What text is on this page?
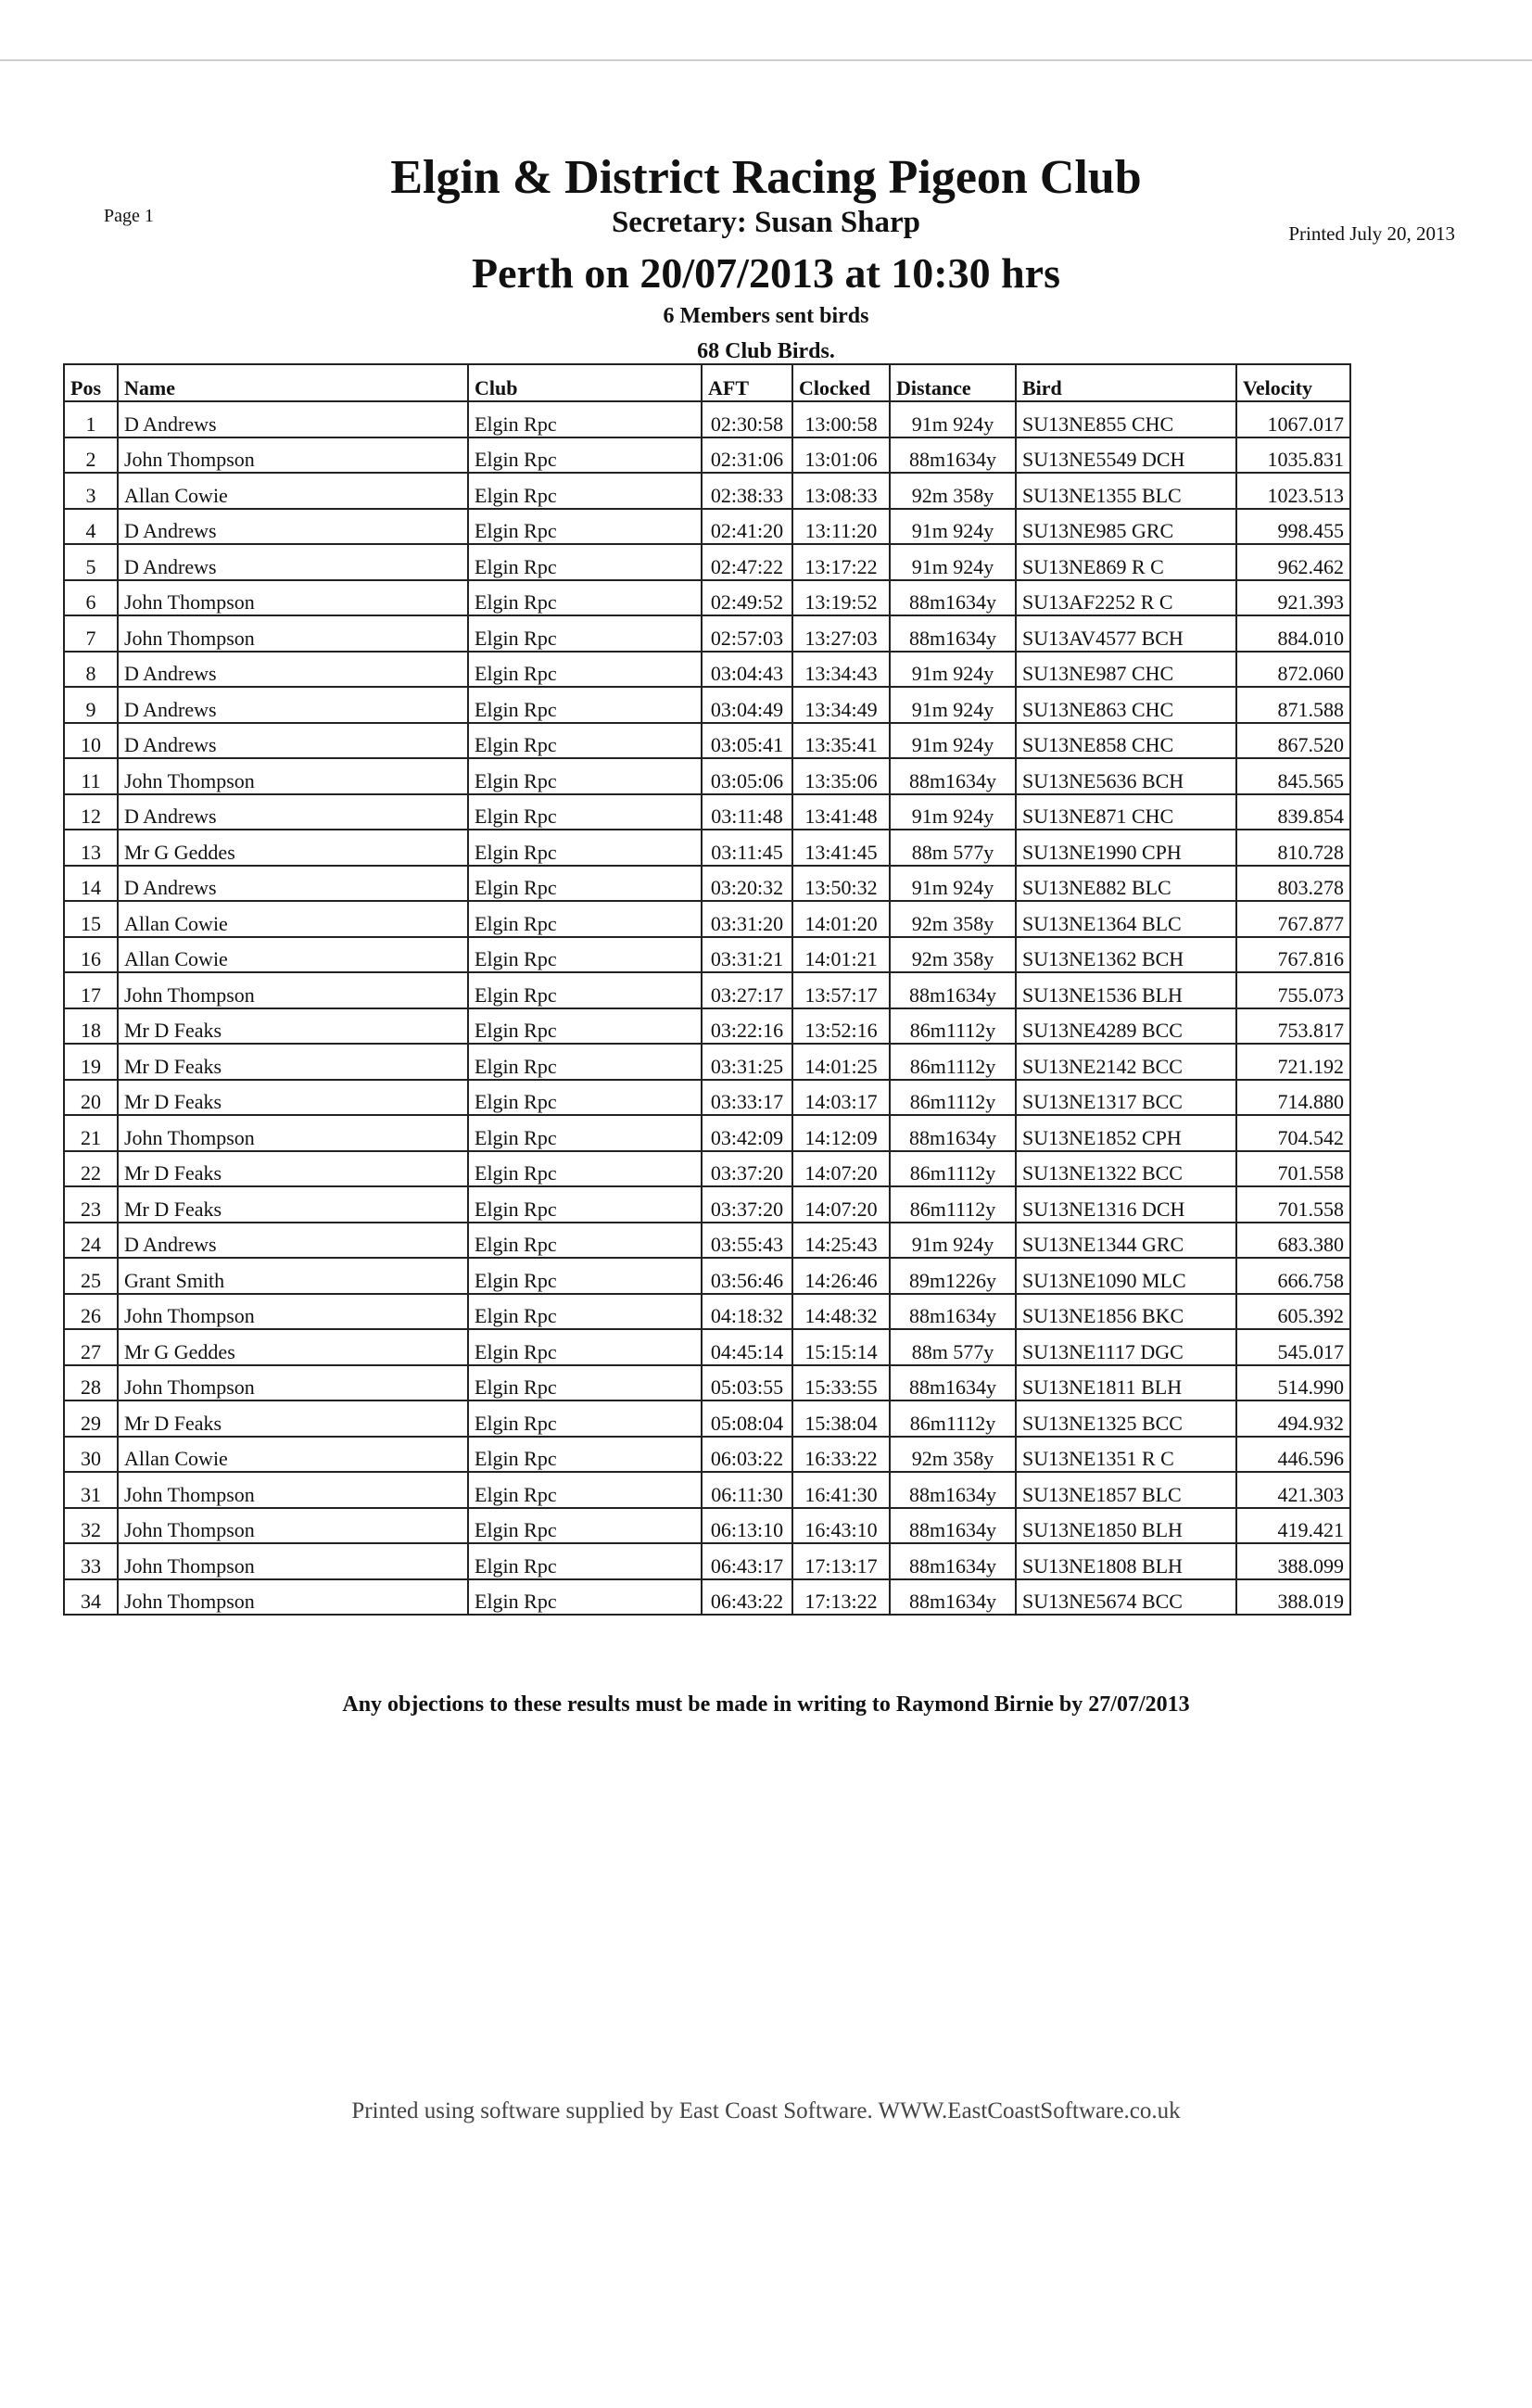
Page 1
Elgin & District Racing Pigeon Club
Secretary: Susan Sharp	Printed July 20, 2013
Perth on 20/07/2013 at 10:30 hrs
6 Members sent birds
68 Club Birds.
Pos	Name	Club	AFT	Clocked	Distance	Bird	Velocity
1	D Andrews	Elgin Rpc	02:30:58	13:00:58	91m 924y	SU13NE855 CHC	1067.017
2	John Thompson	Elgin Rpc	02:31:06	13:01:06	88m1634y	SU13NE5549 DCH	1035.831
3	Allan Cowie	Elgin Rpc	02:38:33	13:08:33	92m 358y	SU13NE1355 BLC	1023.513
4	D Andrews	Elgin Rpc	02:41:20	13:11:20	91m 924y	SU13NE985 GRC	998.455
5	D Andrews	Elgin Rpc	02:47:22	13:17:22	91m 924y	SU13NE869 R C	962.462
6	John Thompson	Elgin Rpc	02:49:52	13:19:52	88m1634y	SU13AF2252 R C	921.393
7	John Thompson	Elgin Rpc	02:57:03	13:27:03	88m1634y	SU13AV4577 BCH	884.010
8	D Andrews	Elgin Rpc	03:04:43	13:34:43	91m 924y	SU13NE987 CHC	872.060
9	D Andrews	Elgin Rpc	03:04:49	13:34:49	91m 924y	SU13NE863 CHC	871.588
10	D Andrews	Elgin Rpc	03:05:41	13:35:41	91m 924y	SU13NE858 CHC	867.520
11	John Thompson	Elgin Rpc	03:05:06	13:35:06	88m1634y	SU13NE5636 BCH	845.565
12	D Andrews	Elgin Rpc	03:11:48	13:41:48	91m 924y	SU13NE871 CHC	839.854
13	Mr G Geddes	Elgin Rpc	03:11:45	13:41:45	88m 577y	SU13NE1990 CPH	810.728
14	D Andrews	Elgin Rpc	03:20:32	13:50:32	91m 924y	SU13NE882 BLC	803.278
15	Allan Cowie	Elgin Rpc	03:31:20	14:01:20	92m 358y	SU13NE1364 BLC	767.877
16	Allan Cowie	Elgin Rpc	03:31:21	14:01:21	92m 358y	SU13NE1362 BCH	767.816
17	John Thompson	Elgin Rpc	03:27:17	13:57:17	88m1634y	SU13NE1536 BLH	755.073
18	Mr D Feaks	Elgin Rpc	03:22:16	13:52:16	86m1112y	SU13NE4289 BCC	753.817
19	Mr D Feaks	Elgin Rpc	03:31:25	14:01:25	86m1112y	SU13NE2142 BCC	721.192
20	Mr D Feaks	Elgin Rpc	03:33:17	14:03:17	86m1112y	SU13NE1317 BCC	714.880
21	John Thompson	Elgin Rpc	03:42:09	14:12:09	88m1634y	SU13NE1852 CPH	704.542
22	Mr D Feaks	Elgin Rpc	03:37:20	14:07:20	86m1112y	SU13NE1322 BCC	701.558
23	Mr D Feaks	Elgin Rpc	03:37:20	14:07:20	86m1112y	SU13NE1316 DCH	701.558
24	D Andrews	Elgin Rpc	03:55:43	14:25:43	91m 924y	SU13NE1344 GRC	683.380
25	Grant Smith	Elgin Rpc	03:56:46	14:26:46	89m1226y	SU13NE1090 MLC	666.758
26	John Thompson	Elgin Rpc	04:18:32	14:48:32	88m1634y	SU13NE1856 BKC	605.392
27	Mr G Geddes	Elgin Rpc	04:45:14	15:15:14	88m 577y	SU13NE1117 DGC	545.017
28	John Thompson	Elgin Rpc	05:03:55	15:33:55	88m1634y	SU13NE1811 BLH	514.990
29	Mr D Feaks	Elgin Rpc	05:08:04	15:38:04	86m1112y	SU13NE1325 BCC	494.932
30	Allan Cowie	Elgin Rpc	06:03:22	16:33:22	92m 358y	SU13NE1351 R C	446.596
31	John Thompson	Elgin Rpc	06:11:30	16:41:30	88m1634y	SU13NE1857 BLC	421.303
32	John Thompson	Elgin Rpc	06:13:10	16:43:10	88m1634y	SU13NE1850 BLH	419.421
33	John Thompson	Elgin Rpc	06:43:17	17:13:17	88m1634y	SU13NE1808 BLH	388.099
34	John Thompson	Elgin Rpc	06:43:22	17:13:22	88m1634y	SU13NE5674 BCC	388.019
Any objections to these results must be made in writing to Raymond Birnie by 27/07/2013
Printed using software supplied by East Coast Software. WWW.EastCoastSoftware.co.uk
